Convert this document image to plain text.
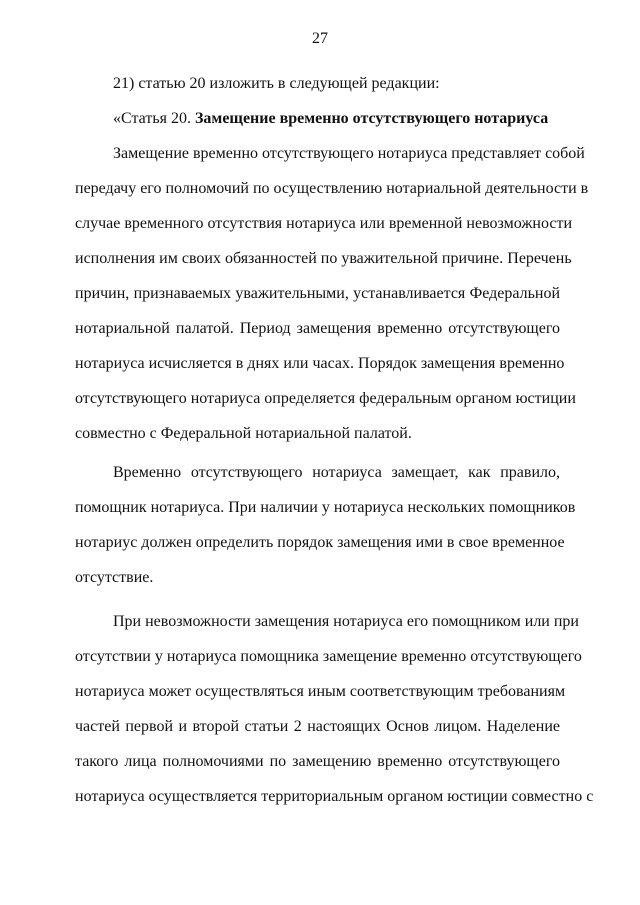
27
21) статью 20 изложить в следующей редакции:
«Статья 20. Замещение временно отсутствующего нотариуса
Замещение временно отсутствующего нотариуса представляет собой
передачу его полномочий по осуществлению нотариальной деятельности в
случае временного отсутствия нотариуса или временной невозможности
исполнения им своих обязанностей по уважительной причине. Перечень
причин, признаваемых уважительными, устанавливается Федеральной
нотариальной палатой. Период замещения временно отсутствующего
нотариуса исчисляется в днях или часах. Порядок замещения временно
отсутствующего нотариуса определяется федеральным органом юстиции
совместно с Федеральной нотариальной палатой.
Временно отсутствующего нотариуса замещает, как правило,
помощник нотариуса. При наличии у нотариуса нескольких помощников
нотариус должен определить порядок замещения ими в свое временное
отсутствие.
При невозможности замещения нотариуса его помощником или при
отсутствии у нотариуса помощника замещение временно отсутствующего
нотариуса может осуществляться иным соответствующим требованиям
частей первой и второй статьи 2 настоящих Основ лицом. Наделение
такого лица полномочиями по замещению временно отсутствующего
нотариуса осуществляется территориальным органом юстиции совместно с
